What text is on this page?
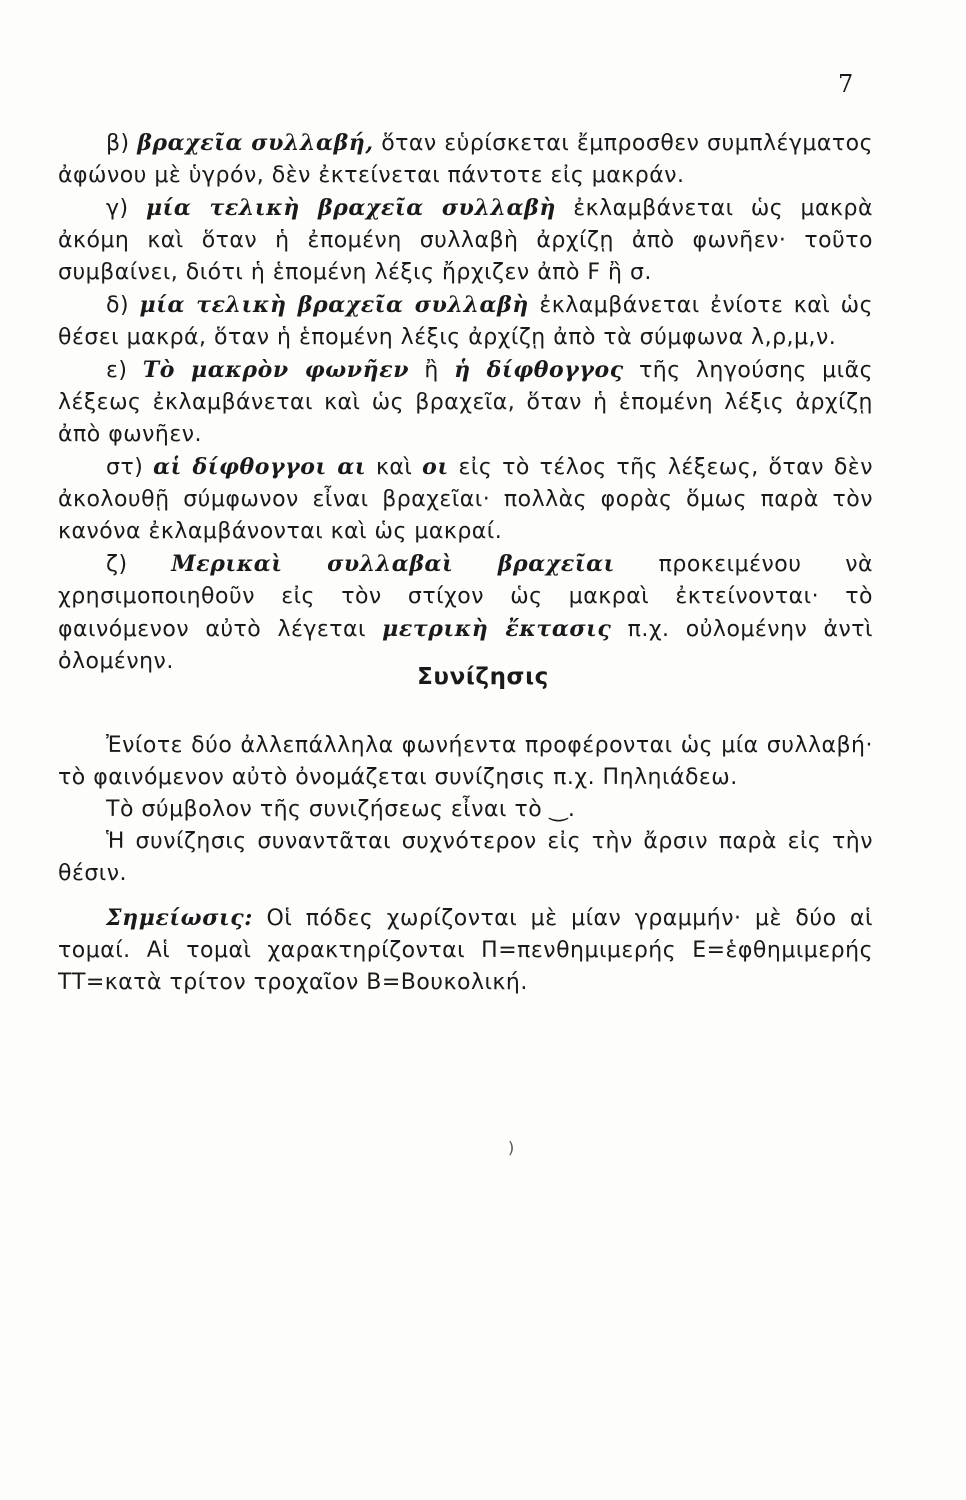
7

β) βραχεῖα συλλαβή, ὅταν εὑρίσκεται ἔμπροσθεν συμπλέγματος ἀφώνου μὲ ὑγρόν, δὲν ἐκτείνεται πάντοτε εἰς μακράν.

γ) μία τελικὴ βραχεῖα συλλαβὴ ἐκλαμβάνεται ὡς μακρὰ ἀκόμη καὶ ὅταν ἡ ἐπομένη συλλαβὴ ἀρχίζῃ ἀπὸ φωνῆεν· τοῦτο συμβαίνει, διότι ἡ ἑπομένη λέξις ἤρχιζεν ἀπὸ F ἢ σ.

δ) μία τελικὴ βραχεῖα συλλαβὴ ἐκλαμβάνεται ἐνίοτε καὶ ὡς θέσει μακρά, ὅταν ἡ ἑπομένη λέξις ἀρχίζῃ ἀπὸ τὰ σύμφωνα λ,ρ,μ,ν.

ε) Τὸ μακρὸν φωνῆεν ἢ ἡ δίφθογγος τῆς ληγούσης μιᾶς λέξεως ἐκλαμβάνεται καὶ ὡς βραχεῖα, ὅταν ἡ ἑπομένη λέξις ἀρχίζῃ ἀπὸ φωνῆεν.

στ) αἱ δίφθογγοι αι καὶ οι εἰς τὸ τέλος τῆς λέξεως, ὅταν δὲν ἀκολουθῇ σύμφωνον εἶναι βραχεῖαι· πολλὰς φορὰς ὅμως παρὰ τὸν κανόνα ἐκλαμβάνονται καὶ ὡς μακραί.

ζ) Μερικαὶ συλλαβαὶ βραχεῖαι προκειμένου νὰ χρησιμοποιηθοῦν εἰς τὸν στίχον ὡς μακραὶ ἐκτείνονται· τὸ φαινόμενον αὐτὸ λέγεται μετρικὴ ἔκτασις π.χ. οὐλομένην ἀντὶ ὀλομένην.

Συνίζησις

Ἐνίοτε δύο ἀλλεπάλληλα φωνήεντα προφέρονται ὡς μία συλλαβή· τὸ φαινόμενον αὐτὸ ὀνομάζεται συνίζησις π.χ. Πηληιάδεω.

Τὸ σύμβολον τῆς συνιζήσεως εἶναι τὸ ‿.

Ἡ συνίζησις συναντᾶται συχνότερον εἰς τὴν ἄρσιν παρὰ εἰς τὴν θέσιν.

Σημείωσις: Οἱ πόδες χωρίζονται μὲ μίαν γραμμήν· μὲ δύο αἱ τομαί. Αἱ τομαὶ χαρακτηρίζονται Π=πενθημιμερής Ε=ἑφθημιμερής ΤΤ=κατὰ τρίτον τροχαῖον Β=Βουκολική.

)
